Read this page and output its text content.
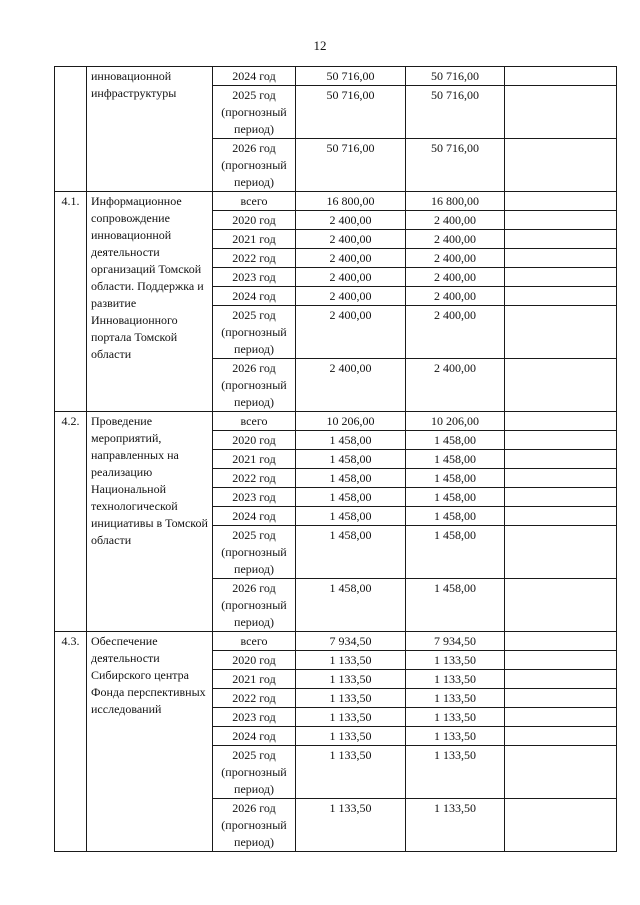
12
	инновационной инфраструктуры	2024 год	50 716,00	50 716,00	
		2025 год (прогнозный период)	50 716,00	50 716,00	
		2026 год (прогнозный период)	50 716,00	50 716,00	
4.1.	Информационное сопровождение инновационной деятельности организаций Томской области. Поддержка и развитие Инновационного портала Томской области	всего	16 800,00	16 800,00	
		2020 год	2 400,00	2 400,00	
		2021 год	2 400,00	2 400,00	
		2022 год	2 400,00	2 400,00	
		2023 год	2 400,00	2 400,00	
		2024 год	2 400,00	2 400,00	
		2025 год (прогнозный период)	2 400,00	2 400,00	
		2026 год (прогнозный период)	2 400,00	2 400,00	
4.2.	Проведение мероприятий, направленных на реализацию Национальной технологической инициативы в Томской области	всего	10 206,00	10 206,00	
		2020 год	1 458,00	1 458,00	
		2021 год	1 458,00	1 458,00	
		2022 год	1 458,00	1 458,00	
		2023 год	1 458,00	1 458,00	
		2024 год	1 458,00	1 458,00	
		2025 год (прогнозный период)	1 458,00	1 458,00	
		2026 год (прогнозный период)	1 458,00	1 458,00	
4.3.	Обеспечение деятельности Сибирского центра Фонда перспективных исследований	всего	7 934,50	7 934,50	
		2020 год	1 133,50	1 133,50	
		2021 год	1 133,50	1 133,50	
		2022 год	1 133,50	1 133,50	
		2023 год	1 133,50	1 133,50	
		2024 год	1 133,50	1 133,50	
		2025 год (прогнозный период)	1 133,50	1 133,50	
		2026 год (прогнозный период)	1 133,50	1 133,50	
